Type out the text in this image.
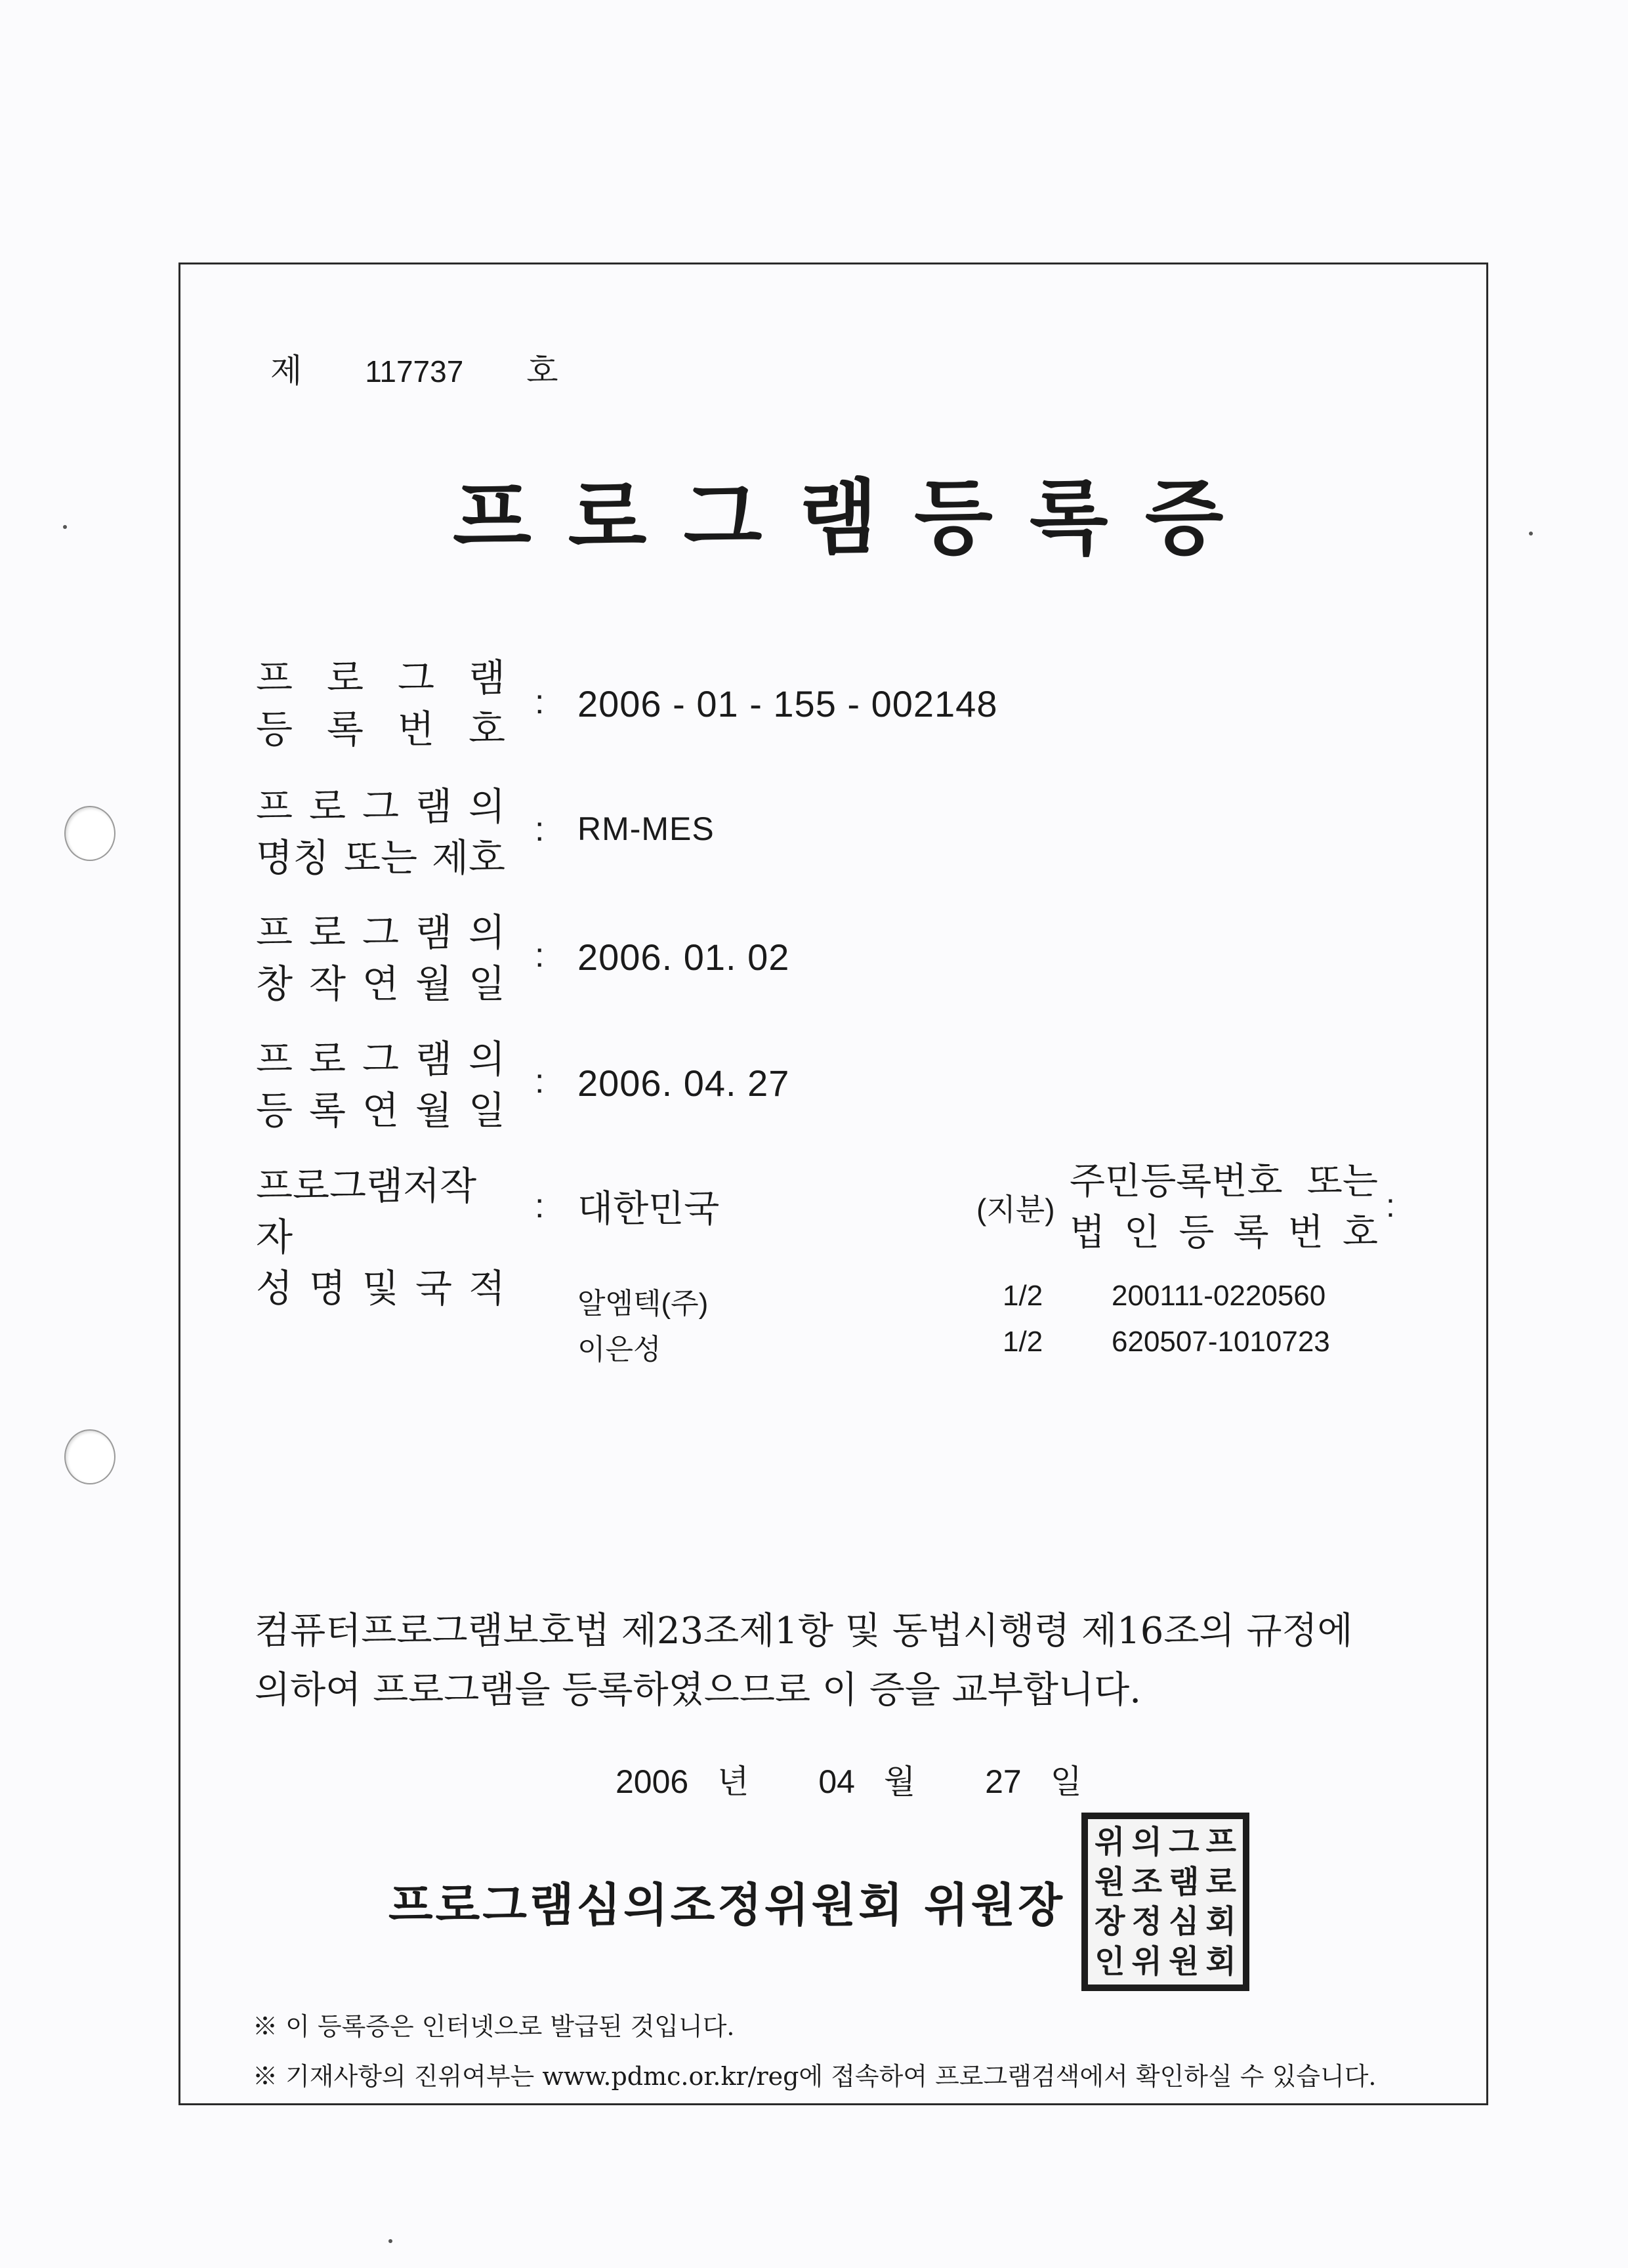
제 117737 호
프로그램등록증
프 로 그 램
등 록 번 호
: 2006 - 01 - 155 - 002148
프 로 그 램 의
명칭 또는 제호
: RM-MES
프 로 그 램 의
창 작 연 월 일
: 2006. 01. 02
프 로 그 램 의
등 록 연 월 일
: 2006. 04. 27
프로그램저작자
성 명 및 국 적
: 대한민국	(지분)
주민등록번호 또는
법 인 등 록 번 호
:
알엠텍(주)	1/2 200111-0220560
이은성	1/2 620507-1010723
컴퓨터프로그램보호법 제23조제1항 및 동법시행령 제16조의 규정에
의하여 프로그램을 등록하였으므로 이 증을 교부합니다.
2006 년 04 월 27 일
프로그램심의조정위원회 위원장
위 의 그 프
원 조 램 로
장 정 심 회
인 위 원 회
※ 이 등록증은 인터넷으로 발급된 것입니다.
※ 기재사항의 진위여부는 www.pdmc.or.kr/reg에 접속하여 프로그램검색에서 확인하실 수 있습니다.
